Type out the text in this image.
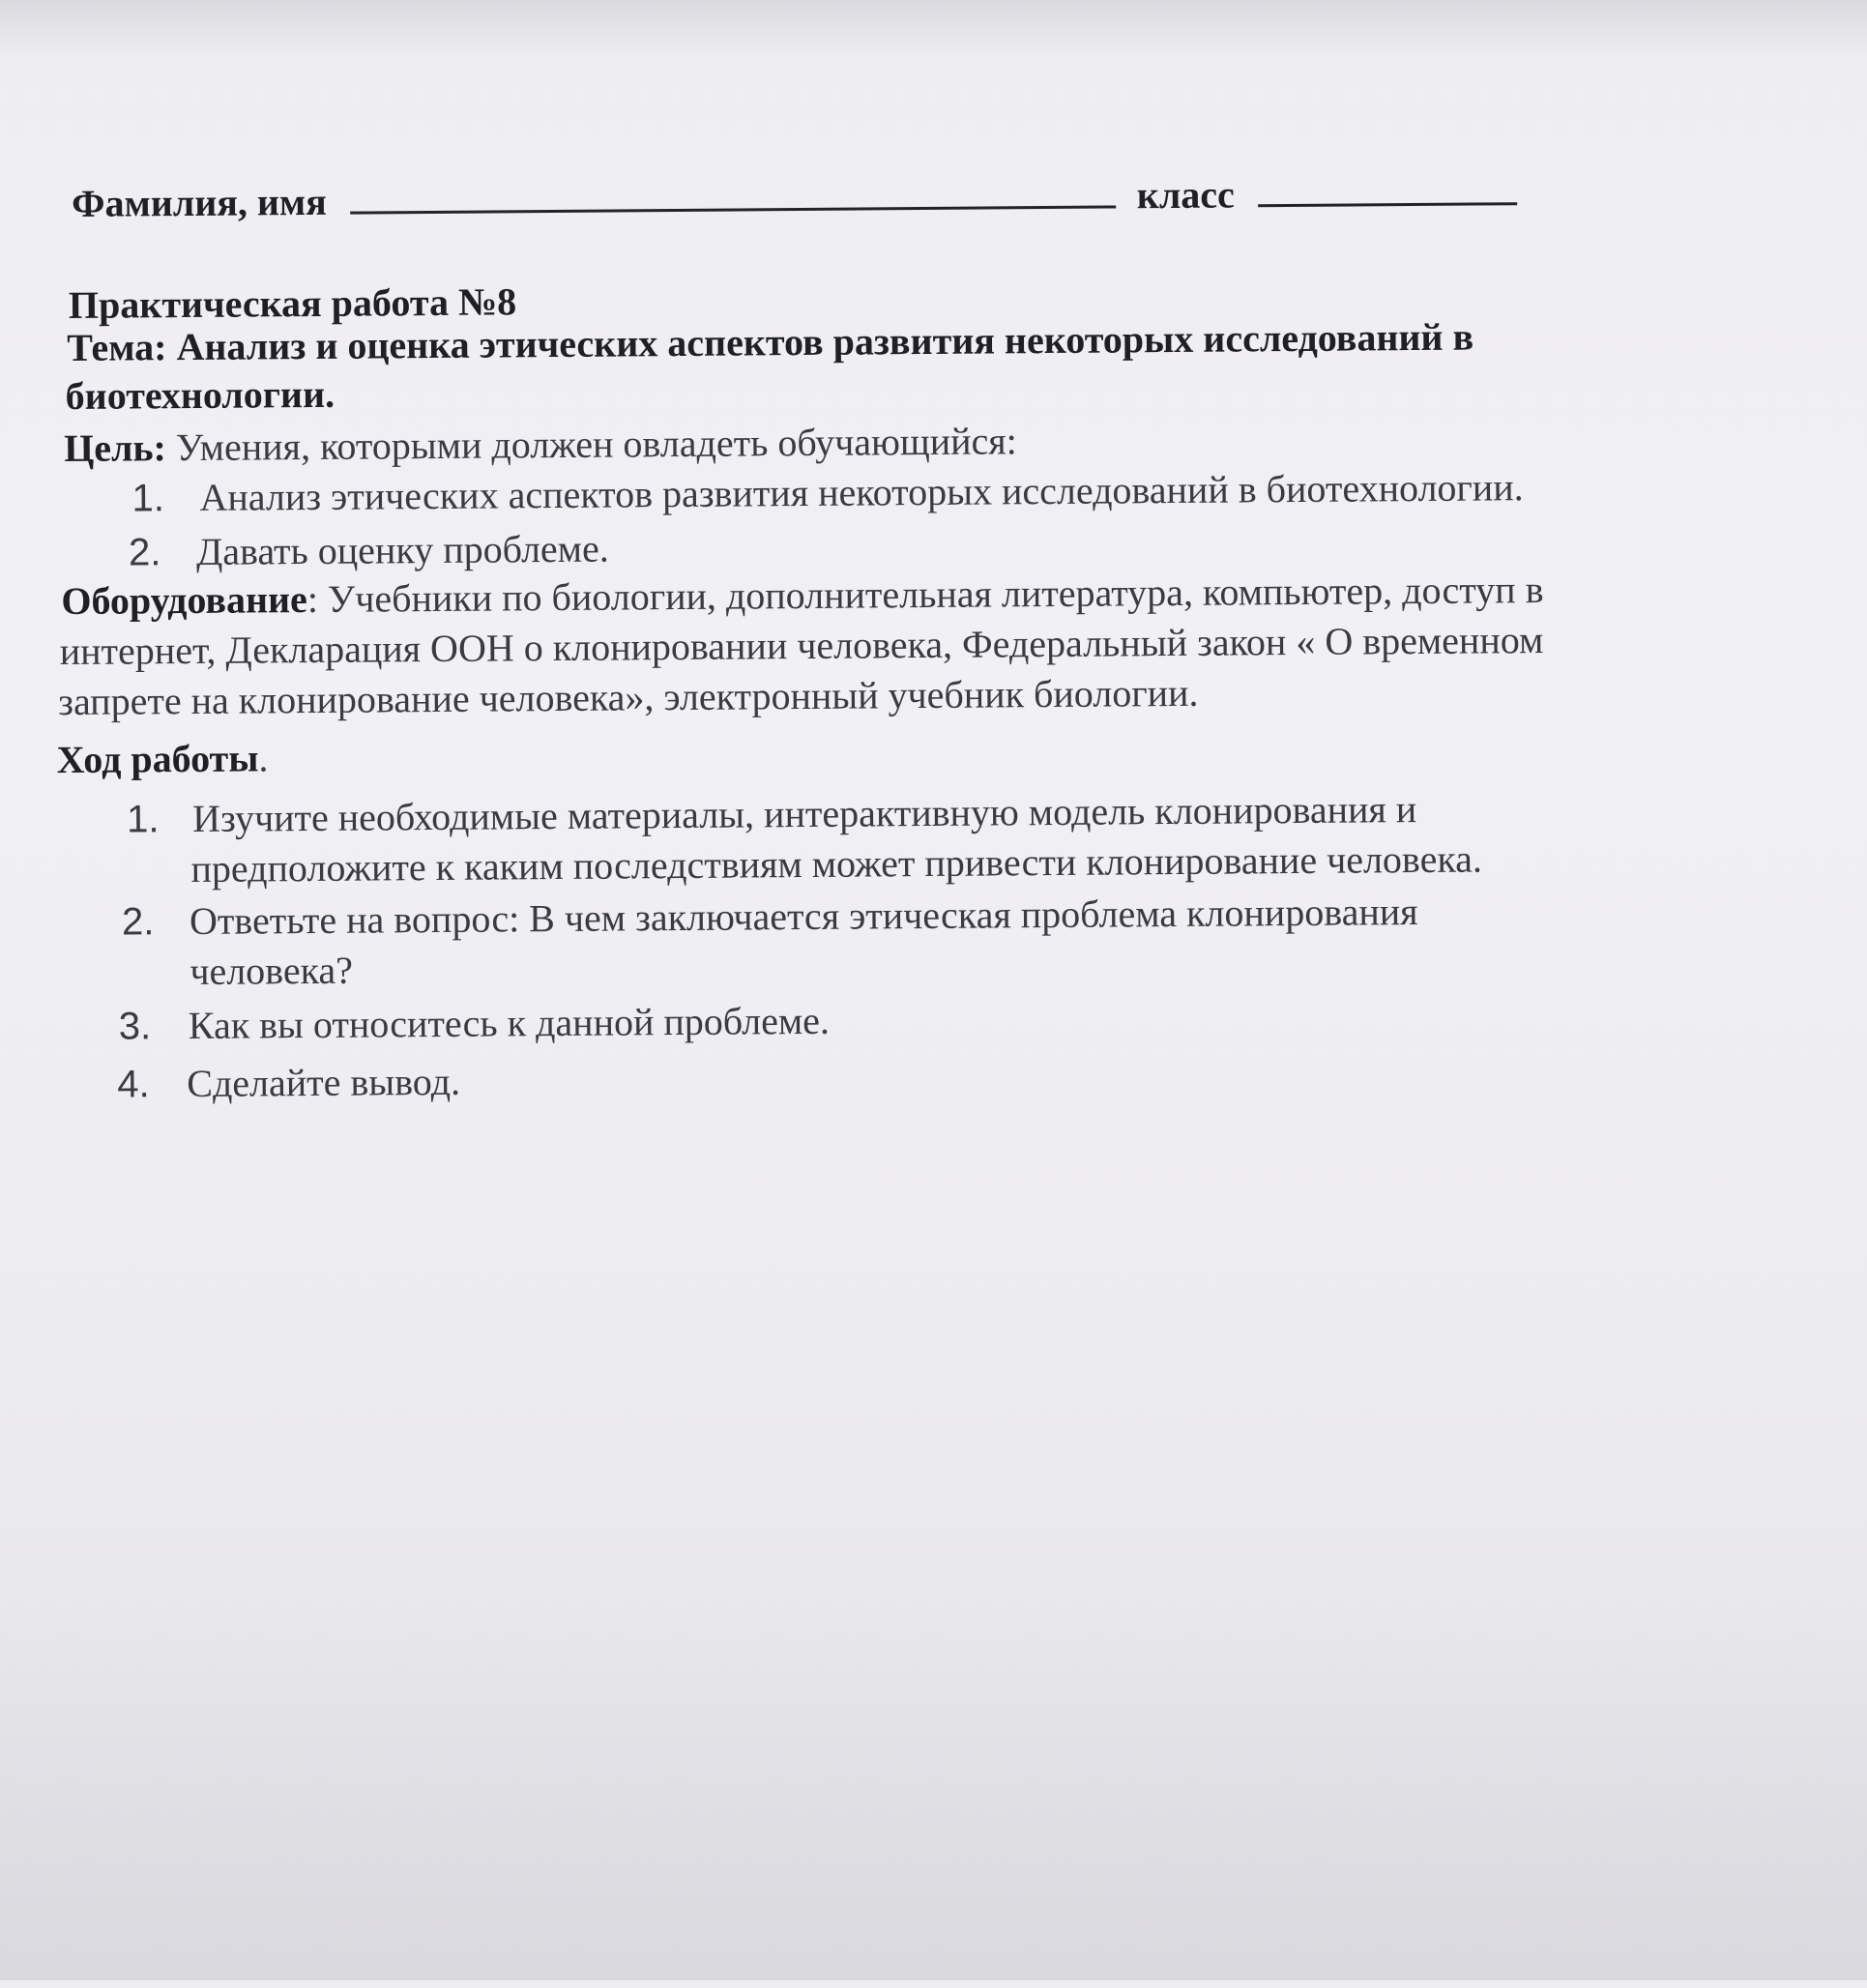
Фамилия, имя	класс
Практическая работа №8
Тема: Анализ и оценка этических аспектов развития некоторых исследований в
биотехнологии.
Цель: Умения, которыми должен овладеть обучающийся:
1. Анализ этических аспектов развития некоторых исследований в биотехнологии.
2. Давать оценку проблеме.
Оборудование: Учебники по биологии, дополнительная литература, компьютер, доступ в
интернет, Декларация ООН о клонировании человека, Федеральный закон « О временном
запрете на клонирование человека», электронный учебник биологии.
Ход работы.
1. Изучите необходимые материалы, интерактивную модель клонирования и
предположите к каким последствиям может привести клонирование человека.
2. Ответьте на вопрос: В чем заключается этическая проблема клонирования
человека?
3. Как вы относитесь к данной проблеме.
4. Сделайте вывод.
